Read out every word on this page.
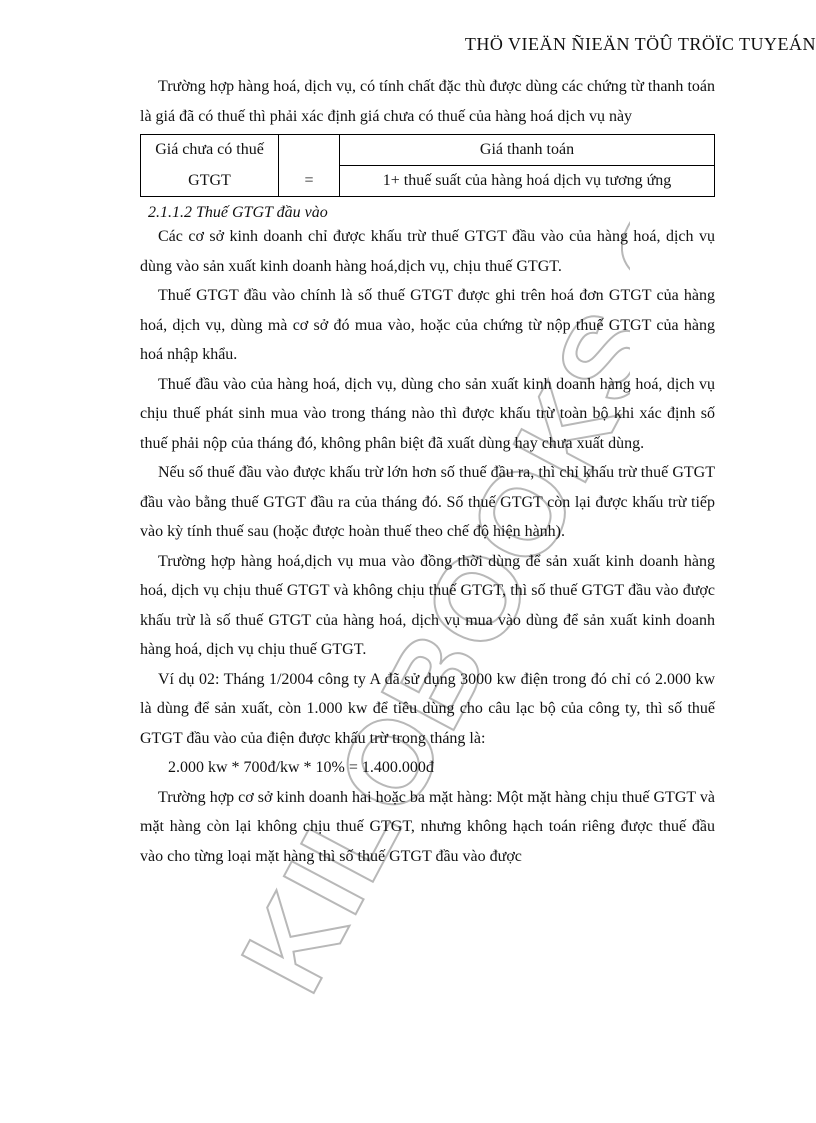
THÖ VIEÄN ÑIEÄN TÖÛ TRÖÏC TUYEÁN
KILOBOOKS.CO

Trường hợp hàng hoá, dịch vụ, có tính chất đặc thù được dùng các chứng từ thanh toán là giá đã có thuế thì phải xác định giá chưa có thuế của hàng hoá dịch vụ này

Giá chưa có thuế		Giá thanh toán
GTGT	=	1+ thuế suất của hàng hoá dịch vụ tương ứng
2.1.1.2 Thuế GTGT đầu vào

Các cơ sở kinh doanh chỉ được khấu trừ thuế GTGT đầu vào của hàng hoá, dịch vụ dùng vào sản xuất kinh doanh hàng hoá,dịch vụ, chịu thuế GTGT.

Thuế GTGT đầu vào chính là số thuế GTGT được ghi trên hoá đơn GTGT của hàng hoá, dịch vụ, dùng mà cơ sở đó mua vào, hoặc của chứng từ nộp thuế GTGT của hàng hoá nhập khẩu.

Thuế đầu vào của hàng hoá, dịch vụ, dùng cho sản xuất kinh doanh hàng hoá, dịch vụ chịu thuế phát sinh mua vào trong tháng nào thì được khấu trừ toàn bộ khi xác định số thuế phải nộp của tháng đó, không phân biệt đã xuất dùng hay chưa xuất dùng.

Nếu số thuế đầu vào được khấu trừ lớn hơn số thuế đầu ra, thì chỉ khấu trừ thuế GTGT đầu vào bằng thuế GTGT đầu ra của tháng đó. Số thuế GTGT còn lại được khấu trừ tiếp vào kỳ tính thuế sau (hoặc được hoàn thuế theo chế độ hiện hành).

Trường hợp hàng hoá,dịch vụ mua vào đồng thời dùng để sản xuất kinh doanh hàng hoá, dịch vụ chịu thuế GTGT và không chịu thuế GTGT, thì số thuế GTGT đầu vào được khấu trừ là số thuế GTGT của hàng hoá, dịch vụ mua vào dùng để sản xuất kinh doanh hàng hoá, dịch vụ chịu thuế GTGT.

Ví dụ 02: Tháng 1/2004 công ty A đã sử dụng 3000 kw điện trong đó chỉ có 2.000 kw là dùng để sản xuất, còn 1.000 kw để tiêu dùng cho câu lạc bộ của công ty, thì số thuế GTGT đầu vào của điện được khấu trừ trong tháng là:

2.000 kw * 700đ/kw * 10% = 1.400.000đ

Trường hợp cơ sở kinh doanh hai hoặc ba mặt hàng: Một mặt hàng chịu thuế GTGT và mặt hàng còn lại không chịu thuế GTGT, nhưng không hạch toán riêng được thuế đầu vào cho từng loại mặt hàng thì số thuế GTGT đầu vào được
